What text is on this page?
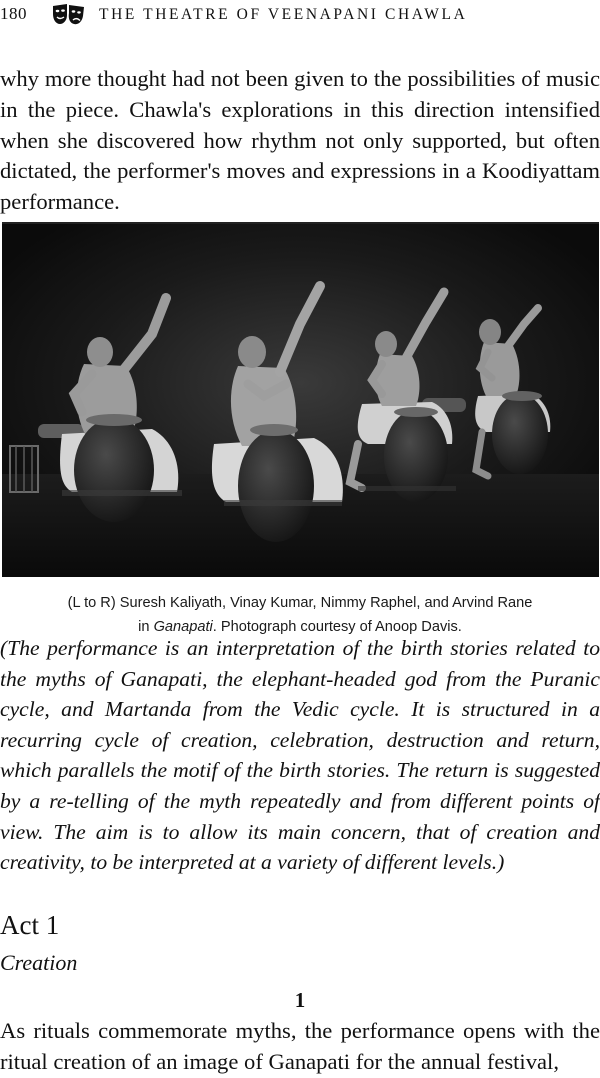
180	THE THEATRE OF VEENAPANI CHAWLA

why more thought had not been given to the possibilities of music in the piece. Chawla's explorations in this direction intensified when she discovered how rhythm not only supported, but often dictated, the performer's moves and expressions in a Koodiyattam performance.

(L to R) Suresh Kaliyath, Vinay Kumar, Nimmy Raphel, and Arvind Rane
in Ganapati. Photograph courtesy of Anoop Davis.

(The performance is an interpretation of the birth stories related to the myths of Ganapati, the elephant-headed god from the Puranic cycle, and Martanda from the Vedic cycle. It is structured in a recurring cycle of creation, celebration, destruction and return, which parallels the motif of the birth stories. The return is suggested by a re-telling of the myth repeatedly and from different points of view. The aim is to allow its main concern, that of creation and creativity, to be interpreted at a variety of different levels.)

Act 1

Creation

1

As rituals commemorate myths, the performance opens with the ritual creation of an image of Ganapati for the annual festival,
